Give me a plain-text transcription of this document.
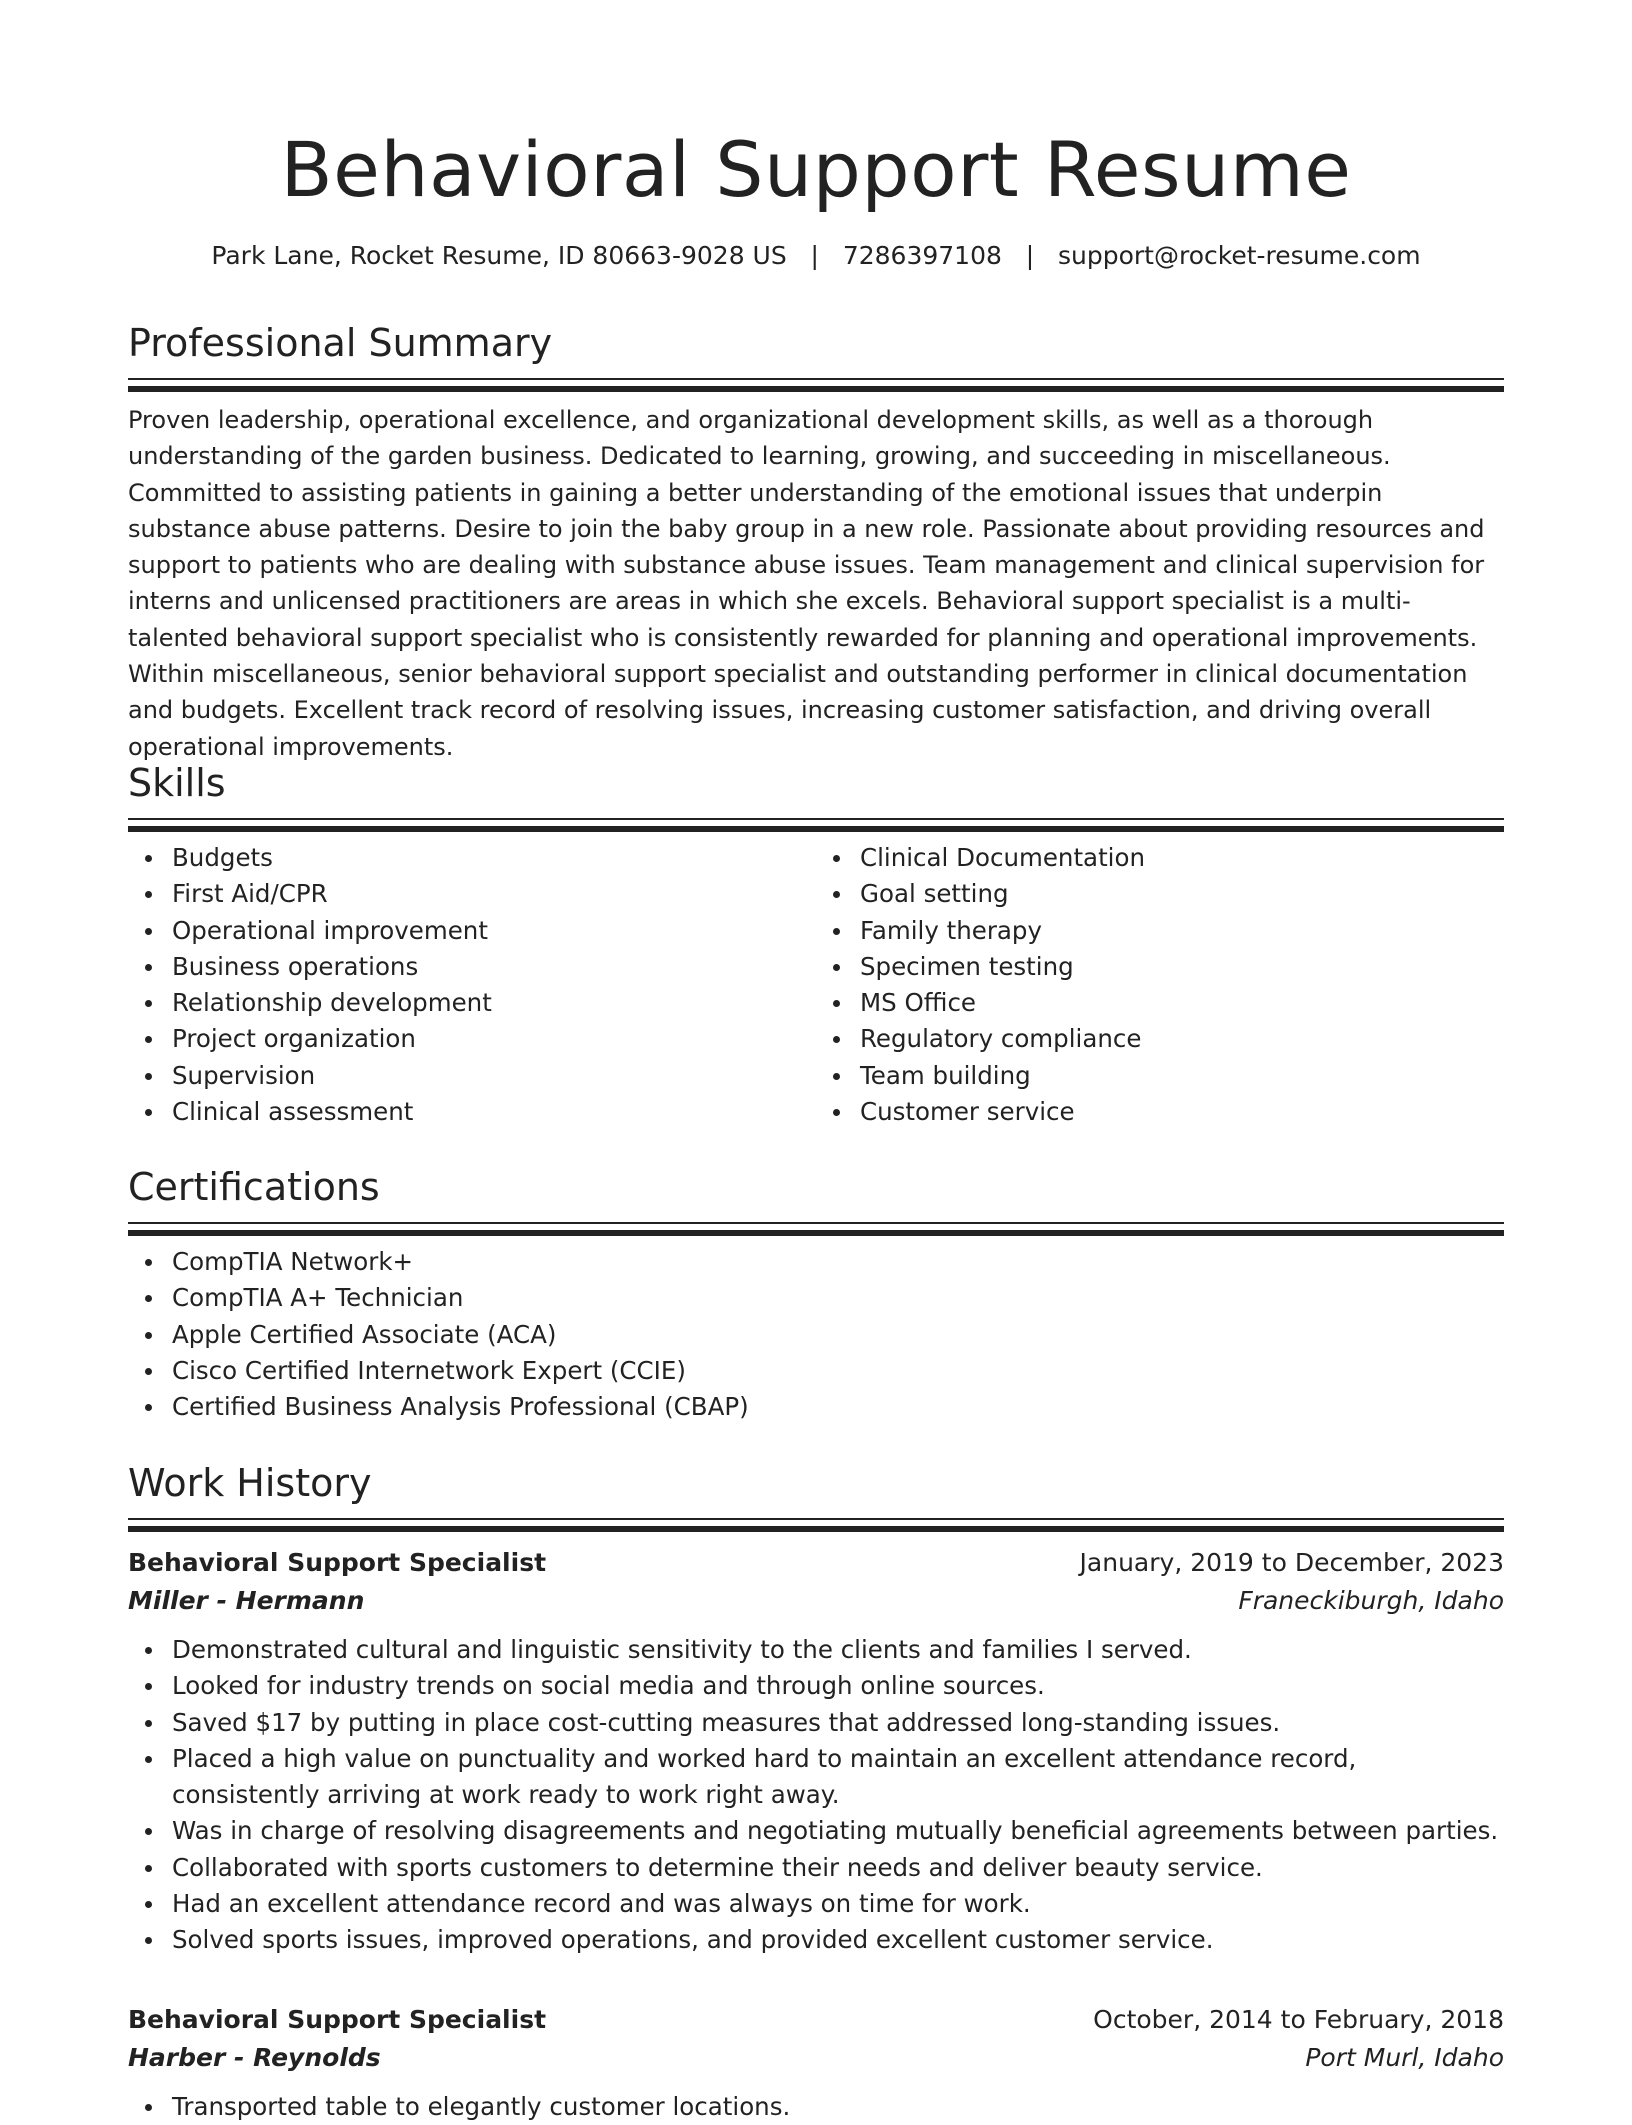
Behavioral Support Resume
Park Lane, Rocket Resume, ID 80663-9028 US   |   7286397108   |   support@rocket-resume.com
Professional Summary

Proven leadership, operational excellence, and organizational development skills, as well as a thorough understanding of the garden business. Dedicated to learning, growing, and succeeding in miscellaneous. Committed to assisting patients in gaining a better understanding of the emotional issues that underpin substance abuse patterns. Desire to join the baby group in a new role. Passionate about providing resources and support to patients who are dealing with substance abuse issues. Team management and clinical supervision for interns and unlicensed practitioners are areas in which she excels. Behavioral support specialist is a multi-talented behavioral support specialist who is consistently rewarded for planning and operational improvements. Within miscellaneous, senior behavioral support specialist and outstanding performer in clinical documentation and budgets. Excellent track record of resolving issues, increasing customer satisfaction, and driving overall operational improvements.

Skills
Budgets
First Aid/CPR
Operational improvement
Business operations
Relationship development
Project organization
Supervision
Clinical assessment
Clinical Documentation
Goal setting
Family therapy
Specimen testing
MS Office
Regulatory compliance
Team building
Customer service
Certifications
CompTIA Network+
CompTIA A+ Technician
Apple Certified Associate (ACA)
Cisco Certified Internetwork Expert (CCIE)
Certified Business Analysis Professional (CBAP)
Work History
Behavioral Support Specialist	January, 2019 to December, 2023
Miller - Hermann	Franeckiburgh, Idaho
Demonstrated cultural and linguistic sensitivity to the clients and families I served.
Looked for industry trends on social media and through online sources.
Saved $17 by putting in place cost-cutting measures that addressed long-standing issues.
Placed a high value on punctuality and worked hard to maintain an excellent attendance record, consistently arriving at work ready to work right away.
Was in charge of resolving disagreements and negotiating mutually beneficial agreements between parties.
Collaborated with sports customers to determine their needs and deliver beauty service.
Had an excellent attendance record and was always on time for work.
Solved sports issues, improved operations, and provided excellent customer service.
Behavioral Support Specialist	October, 2014 to February, 2018
Harber - Reynolds	Port Murl, Idaho
Transported table to elegantly customer locations.
